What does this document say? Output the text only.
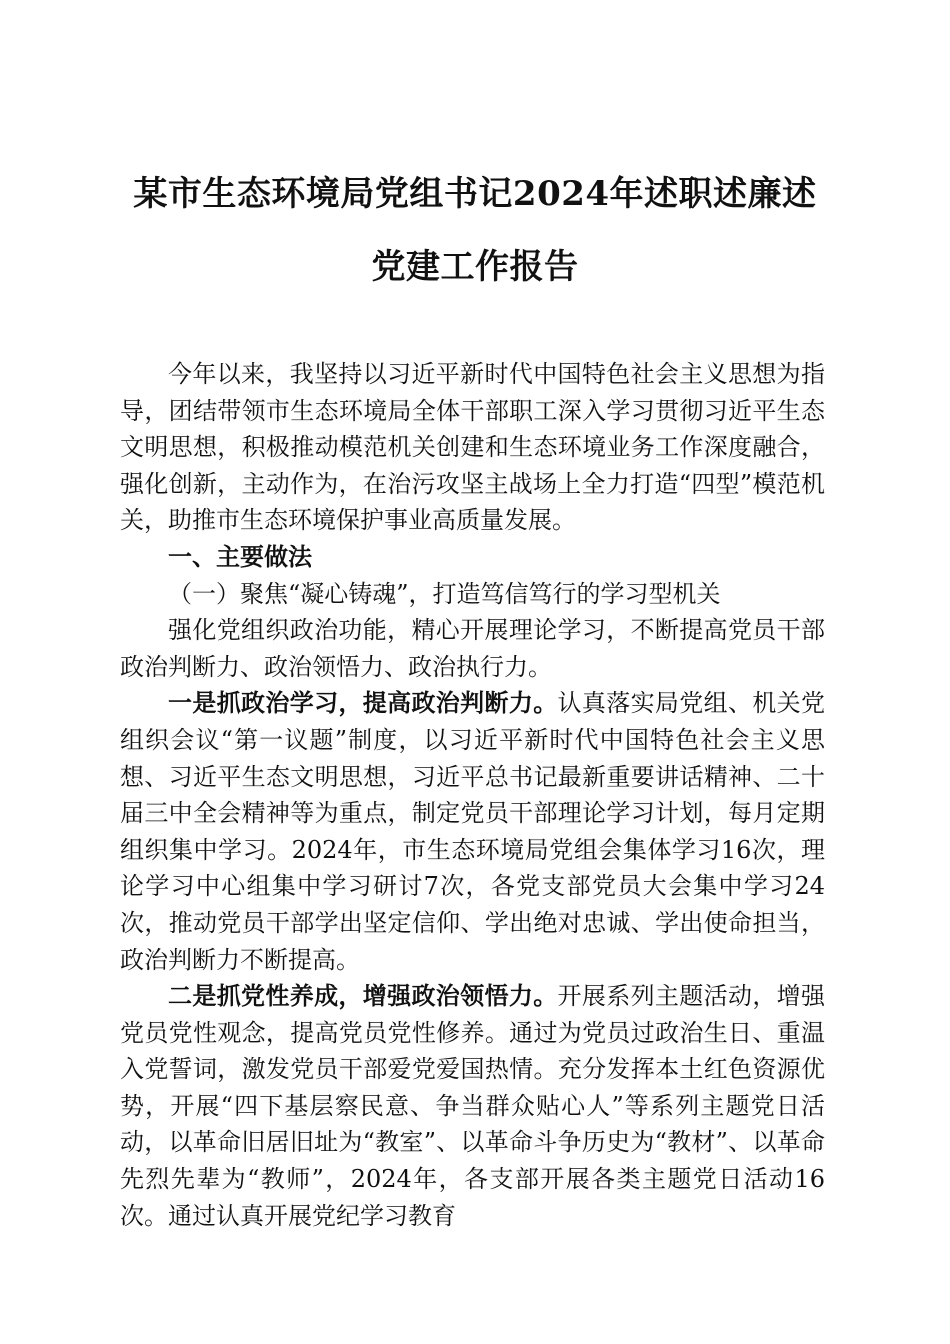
某市生态环境局党组书记2024年述职述廉述
党建工作报告

今年以来，我坚持以习近平新时代中国特色社会主义思想为指导，团结带领市生态环境局全体干部职工深入学习贯彻习近平生态文明思想，积极推动模范机关创建和生态环境业务工作深度融合，强化创新，主动作为，在治污攻坚主战场上全力打造“四型”模范机关，助推市生态环境保护事业高质量发展。

一、主要做法

（一）聚焦“凝心铸魂”，打造笃信笃行的学习型机关

强化党组织政治功能，精心开展理论学习，不断提高党员干部政治判断力、政治领悟力、政治执行力。

一是抓政治学习，提高政治判断力。认真落实局党组、机关党组织会议“第一议题”制度，以习近平新时代中国特色社会主义思想、习近平生态文明思想，习近平总书记最新重要讲话精神、二十届三中全会精神等为重点，制定党员干部理论学习计划，每月定期组织集中学习。2024年，市生态环境局党组会集体学习16次，理论学习中心组集中学习研讨7次，各党支部党员大会集中学习24次，推动党员干部学出坚定信仰、学出绝对忠诚、学出使命担当，政治判断力不断提高。

二是抓党性养成，增强政治领悟力。开展系列主题活动，增强党员党性观念，提高党员党性修养。通过为党员过政治生日、重温入党誓词，激发党员干部爱党爱国热情。充分发挥本土红色资源优势，开展“四下基层察民意、争当群众贴心人”等系列主题党日活动，以革命旧居旧址为“教室”、以革命斗争历史为“教材”、以革命先烈先辈为“教师”，2024年，各支部开展各类主题党日活动16次。通过认真开展党纪学习教育
